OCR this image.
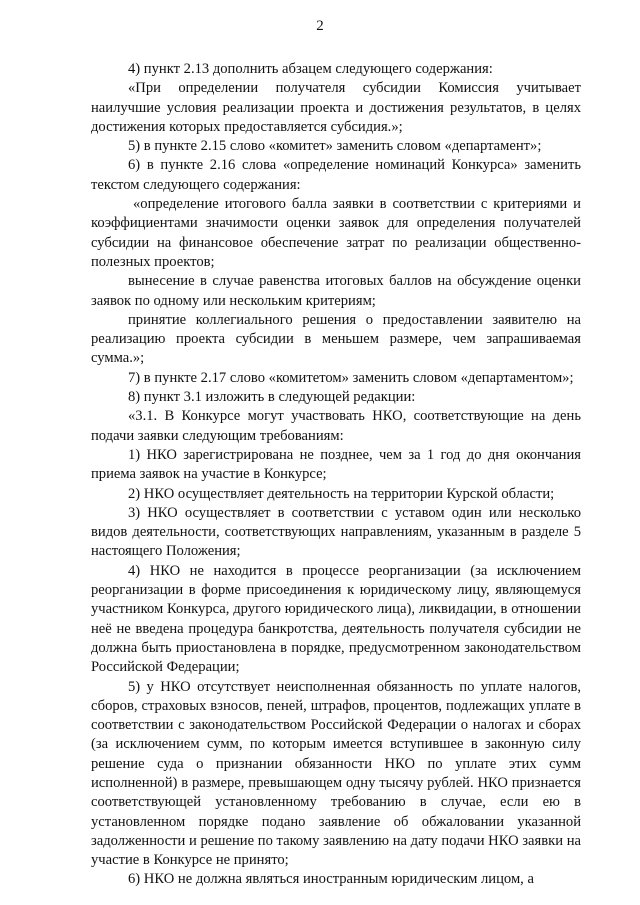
2

4) пункт 2.13 дополнить абзацем следующего содержания:

«При определении получателя субсидии Комиссия учитывает наилучшие условия реализации проекта и достижения результатов, в целях достижения которых предоставляется субсидия.»;

5) в пункте 2.15 слово «комитет» заменить словом «департамент»;

6) в пункте 2.16 слова «определение номинаций Конкурса» заменить текстом следующего содержания:

«определение итогового балла заявки в соответствии с критериями и коэффициентами значимости оценки заявок для определения получателей субсидии на финансовое обеспечение затрат по реализации общественно-полезных проектов;

вынесение в случае равенства итоговых баллов на обсуждение оценки заявок по одному или нескольким критериям;

принятие коллегиального решения о предоставлении заявителю на реализацию проекта субсидии в меньшем размере, чем запрашиваемая сумма.»;

7) в пункте 2.17 слово «комитетом» заменить словом «департаментом»;

8) пункт 3.1 изложить в следующей редакции:

«3.1. В Конкурсе могут участвовать НКО, соответствующие на день подачи заявки следующим требованиям:

1) НКО зарегистрирована не позднее, чем за 1 год до дня окончания приема заявок на участие в Конкурсе;

2) НКО осуществляет деятельность на территории Курской области;

3) НКО осуществляет в соответствии с уставом один или несколько видов деятельности, соответствующих направлениям, указанным в разделе 5 настоящего Положения;

4) НКО не находится в процессе реорганизации (за исключением реорганизации в форме присоединения к юридическому лицу, являющемуся участником Конкурса, другого юридического лица), ликвидации, в отношении неё не введена процедура банкротства, деятельность получателя субсидии не должна быть приостановлена в порядке, предусмотренном законодательством Российской Федерации;

5) у НКО отсутствует неисполненная обязанность по уплате налогов, сборов, страховых взносов, пеней, штрафов, процентов, подлежащих уплате в соответствии с законодательством Российской Федерации о налогах и сборах (за исключением сумм, по которым имеется вступившее в законную силу решение суда о признании обязанности НКО по уплате этих сумм исполненной) в размере, превышающем одну тысячу рублей. НКО признается соответствующей установленному требованию в случае, если ею в установленном порядке подано заявление об обжаловании указанной задолженности и решение по такому заявлению на дату подачи НКО заявки на участие в Конкурсе не принято;

6) НКО не должна являться иностранным юридическим лицом, а
